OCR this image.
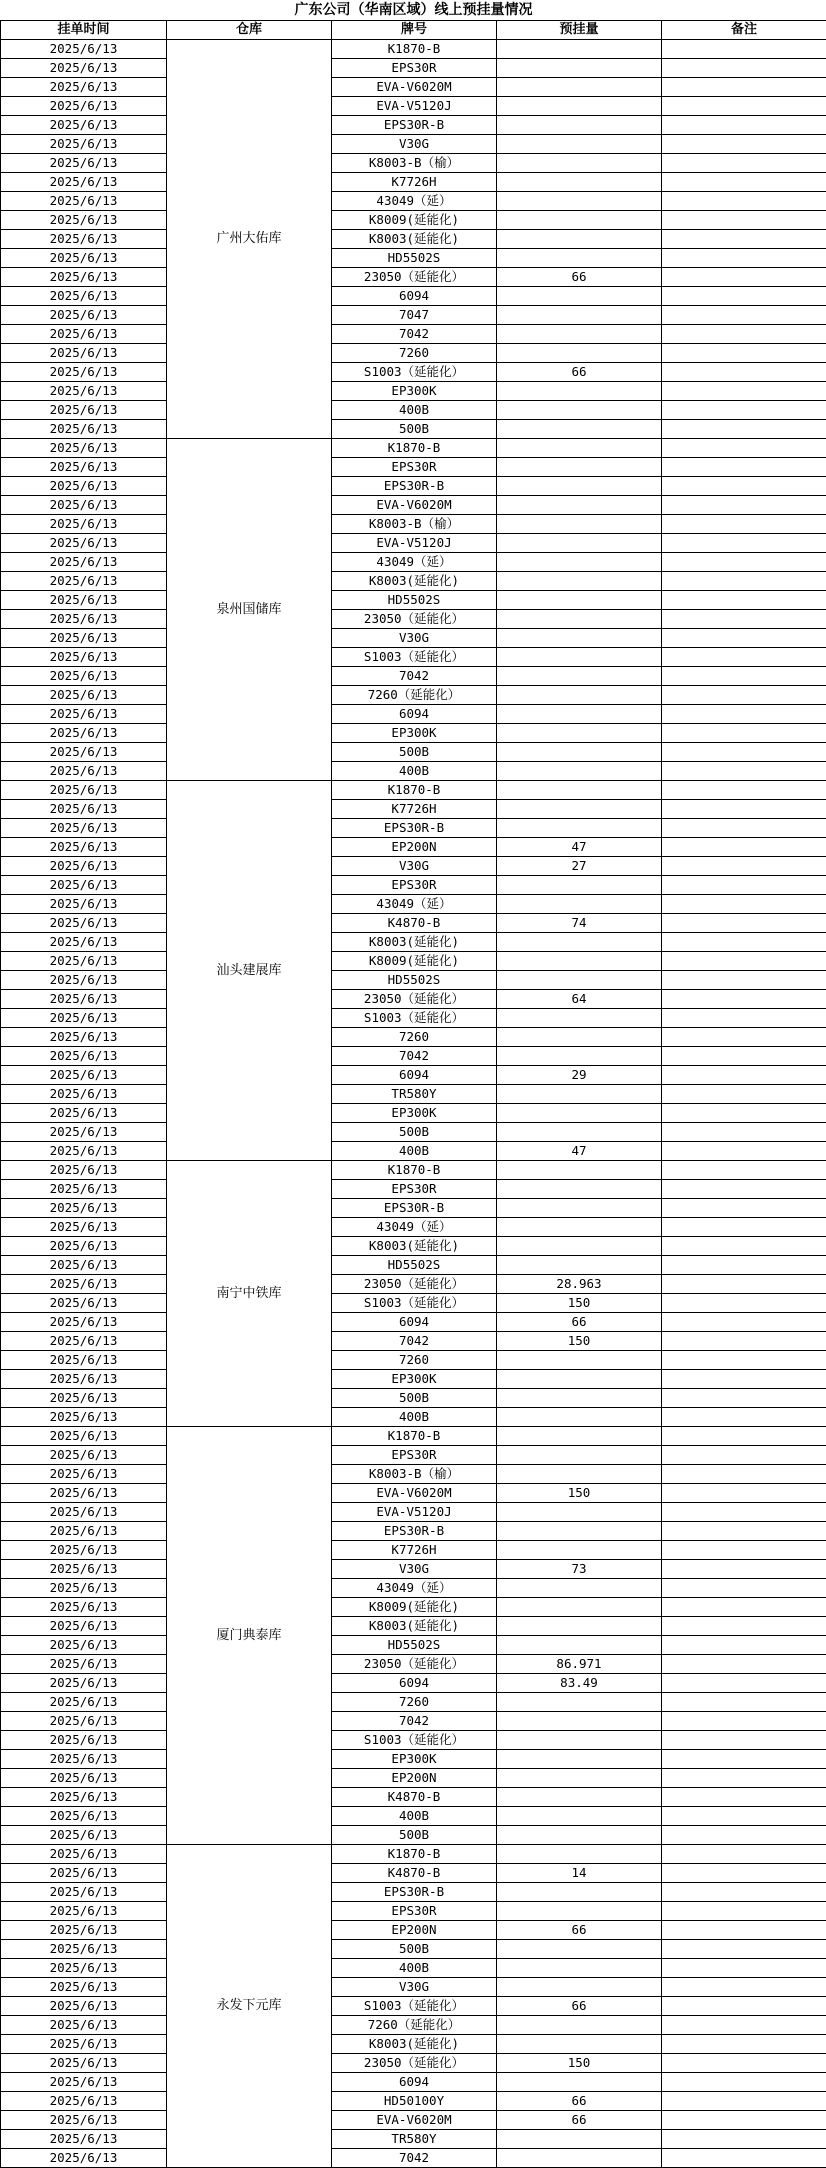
广东公司（华南区域）线上预挂量情况				
挂单时间	仓库	牌号	预挂量	备注
2025/6/13	广州大佑库	K1870-B		
2025/6/13		EPS30R		
2025/6/13		EVA-V6020M		
2025/6/13		EVA-V5120J		
2025/6/13		EPS30R-B		
2025/6/13		V30G		
2025/6/13		K8003-B（榆）		
2025/6/13		K7726H		
2025/6/13		43049（延）		
2025/6/13		K8009(延能化)		
2025/6/13		K8003(延能化)		
2025/6/13		HD5502S		
2025/6/13		23050（延能化）	66	
2025/6/13		6094		
2025/6/13		7047		
2025/6/13		7042		
2025/6/13		7260		
2025/6/13		S1003（延能化）	66	
2025/6/13		EP300K		
2025/6/13		400B		
2025/6/13		500B		
2025/6/13	泉州国储库	K1870-B		
2025/6/13		EPS30R		
2025/6/13		EPS30R-B		
2025/6/13		EVA-V6020M		
2025/6/13		K8003-B（榆）		
2025/6/13		EVA-V5120J		
2025/6/13		43049（延）		
2025/6/13		K8003(延能化)		
2025/6/13		HD5502S		
2025/6/13		23050（延能化）		
2025/6/13		V30G		
2025/6/13		S1003（延能化）		
2025/6/13		7042		
2025/6/13		7260（延能化）		
2025/6/13		6094		
2025/6/13		EP300K		
2025/6/13		500B		
2025/6/13		400B		
2025/6/13	汕头建展库	K1870-B		
2025/6/13		K7726H		
2025/6/13		EPS30R-B		
2025/6/13		EP200N	47	
2025/6/13		V30G	27	
2025/6/13		EPS30R		
2025/6/13		43049（延）		
2025/6/13		K4870-B	74	
2025/6/13		K8003(延能化)		
2025/6/13		K8009(延能化)		
2025/6/13		HD5502S		
2025/6/13		23050（延能化）	64	
2025/6/13		S1003（延能化）		
2025/6/13		7260		
2025/6/13		7042		
2025/6/13		6094	29	
2025/6/13		TR580Y		
2025/6/13		EP300K		
2025/6/13		500B		
2025/6/13		400B	47	
2025/6/13	南宁中铁库	K1870-B		
2025/6/13		EPS30R		
2025/6/13		EPS30R-B		
2025/6/13		43049（延）		
2025/6/13		K8003(延能化)		
2025/6/13		HD5502S		
2025/6/13		23050（延能化）	28.963	
2025/6/13		S1003（延能化）	150	
2025/6/13		6094	66	
2025/6/13		7042	150	
2025/6/13		7260		
2025/6/13		EP300K		
2025/6/13		500B		
2025/6/13		400B		
2025/6/13	厦门典泰库	K1870-B		
2025/6/13		EPS30R		
2025/6/13		K8003-B（榆）		
2025/6/13		EVA-V6020M	150	
2025/6/13		EVA-V5120J		
2025/6/13		EPS30R-B		
2025/6/13		K7726H		
2025/6/13		V30G	73	
2025/6/13		43049（延）		
2025/6/13		K8009(延能化)		
2025/6/13		K8003(延能化)		
2025/6/13		HD5502S		
2025/6/13		23050（延能化）	86.971	
2025/6/13		6094	83.49	
2025/6/13		7260		
2025/6/13		7042		
2025/6/13		S1003（延能化）		
2025/6/13		EP300K		
2025/6/13		EP200N		
2025/6/13		K4870-B		
2025/6/13		400B		
2025/6/13		500B		
2025/6/13	永发下元库	K1870-B		
2025/6/13		K4870-B	14	
2025/6/13		EPS30R-B		
2025/6/13		EPS30R		
2025/6/13		EP200N	66	
2025/6/13		500B		
2025/6/13		400B		
2025/6/13		V30G		
2025/6/13		S1003（延能化）	66	
2025/6/13		7260（延能化）		
2025/6/13		K8003(延能化)		
2025/6/13		23050（延能化）	150	
2025/6/13		6094		
2025/6/13		HD50100Y	66	
2025/6/13		EVA-V6020M	66	
2025/6/13		TR580Y		
2025/6/13		7042		
